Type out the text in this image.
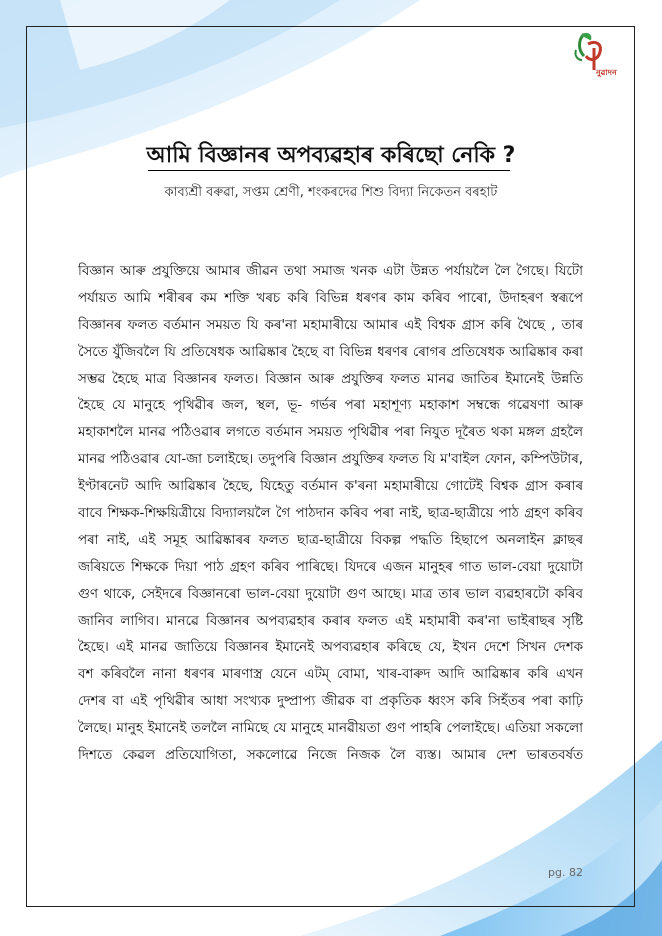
নুৱাদন
আমি বিজ্ঞানৰ অপব্যৱহাৰ কৰিছো নেকি ?
কাব্যশ্ৰী বৰুৱা, সপ্তম শ্ৰেণী, শংকৰদেৱ শিশু বিদ্যা নিকেতন বৰহাট
বিজ্ঞান আৰু প্ৰযুক্তিয়ে আমাৰ জীৱন তথা সমাজ খনক এটা উন্নত পৰ্যায়লৈ লৈ গৈছে। যিটো
পৰ্যায়ত আমি শৰীৰৰ কম শক্তি খৰচ কৰি বিভিন্ন ধৰণৰ কাম কৰিব পাৰো, উদাহৰণ স্বৰূপে
বিজ্ঞানৰ ফলত বৰ্তমান সময়ত যি কৰ'না মহামাৰীয়ে আমাৰ এই বিশ্বক গ্ৰাস কৰি থৈছে , তাৰ
সৈতে যুঁজিবলৈ যি প্ৰতিষেধক আৱিষ্কাৰ হৈছে বা বিভিন্ন ধৰণৰ ৰোগৰ প্ৰতিষেধক আৱিষ্কাৰ কৰা
সম্ভৱ হৈছে মাত্ৰ বিজ্ঞানৰ ফলত। বিজ্ঞান আৰু প্ৰযুক্তিৰ ফলত মানৱ জাতিৰ ইমানেই উন্নতি
হৈছে যে মানুহে পৃথিৱীৰ জল, স্থল, ভূ- গৰ্ভৰ পৰা মহাশূণ্য মহাকাশ সম্বন্ধে গৱেষণা আৰু
মহাকাশলৈ মানৱ পঠিওৱাৰ লগতে বৰ্তমান সময়ত পৃথিৱীৰ পৰা নিযুত দূৰৈত থকা মঙ্গল গ্ৰহলৈ
মানৱ পঠিওৱাৰ যো-জা চলাইছে। তদুপৰি বিজ্ঞান প্ৰযুক্তিৰ ফলত যি ম'বাইল ফোন, কম্পিউটাৰ,
ইণ্টাৰনেট আদি আৱিষ্কাৰ হৈছে, যিহেতু বৰ্তমান ক'ৰনা মহামাৰীয়ে গোটেই বিশ্বক গ্ৰাস কৰাৰ
বাবে শিক্ষক-শিক্ষয়িত্ৰীয়ে বিদ্যালয়লৈ গৈ পাঠদান কৰিব পৰা নাই, ছাত্ৰ-ছাত্ৰীয়ে পাঠ গ্ৰহণ কৰিব
পৰা নাই, এই সমূহ আৱিষ্কাৰৰ ফলত ছাত্ৰ-ছাত্ৰীয়ে বিকল্প পদ্ধতি হিছাপে অনলাইন ক্লাছৰ
জৰিয়তে শিক্ষকে দিয়া পাঠ গ্ৰহণ কৰিব পাৰিছে। যিদৰে এজন মানুহৰ গাত ভাল-বেয়া দুয়োটা
গুণ থাকে, সেইদৰে বিজ্ঞানৰো ভাল-বেয়া দুয়োটা গুণ আছে। মাত্ৰ তাৰ ভাল ব্যৱহাৰটো কৰিব
জানিব লাগিব। মানৱে বিজ্ঞানৰ অপব্যৱহাৰ কৰাৰ ফলত এই মহামাৰী কৰ'না ভাইৰাছৰ সৃষ্টি
হৈছে। এই মানৱ জাতিয়ে বিজ্ঞানৰ ইমানেই অপব্যৱহাৰ কৰিছে যে, ইখন দেশে সিখন দেশক
বশ কৰিবলৈ নানা ধৰণৰ মাৰণাস্ত্ৰ যেনে এটম্ বোমা, খাৰ-বাৰুদ আদি আৱিষ্কাৰ কৰি এখন
দেশৰ বা এই পৃথিৱীৰ আধা সংখ্যক দুষ্প্ৰাপ্য জীৱক বা প্ৰকৃতিক ধ্বংস কৰি সিহঁতৰ পৰা কাঢ়ি
লৈছে। মানুহ ইমানেই তললৈ নামিছে যে মানুহে মানৱীয়তা গুণ পাহৰি পেলাইছে। এতিয়া সকলো
দিশতে কেৱল প্ৰতিযোগিতা, সকলোৱে নিজে নিজক লৈ ব্যস্ত। আমাৰ দেশ ভাৰতবৰ্ষত
pg. 82
